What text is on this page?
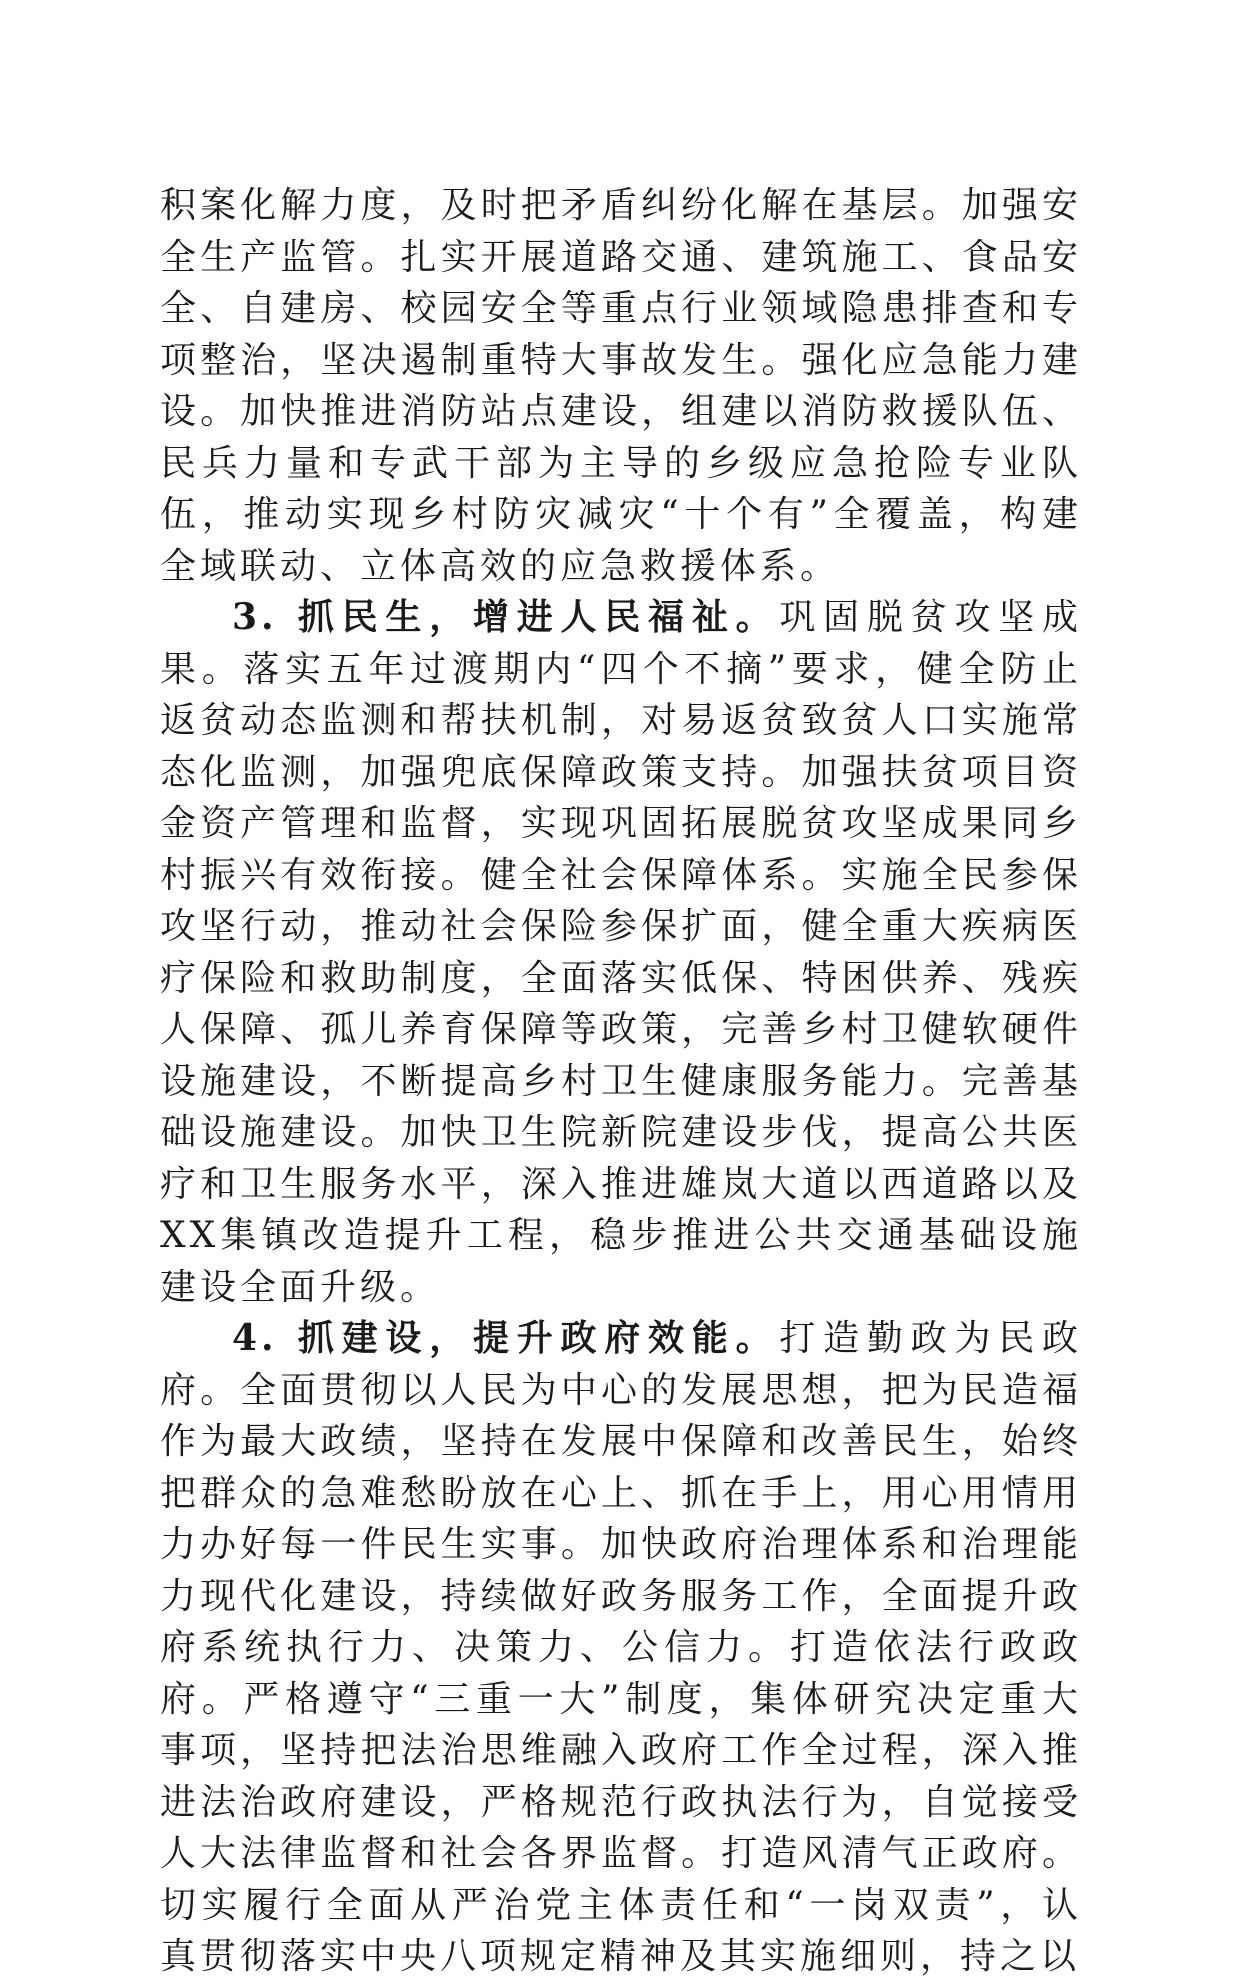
积案化解力度，及时把矛盾纠纷化解在基层。加强安全生产监管。扎实开展道路交通、建筑施工、食品安全、自建房、校园安全等重点行业领域隐患排查和专项整治，坚决遏制重特大事故发生。强化应急能力建设。加快推进消防站点建设，组建以消防救援队伍、民兵力量和专武干部为主导的乡级应急抢险专业队伍，推动实现乡村防灾减灾“十个有”全覆盖，构建全域联动、立体高效的应急救援体系。

3. 抓民生，增进人民福祉。巩固脱贫攻坚成果。落实五年过渡期内“四个不摘”要求，健全防止返贫动态监测和帮扶机制，对易返贫致贫人口实施常态化监测，加强兜底保障政策支持。加强扶贫项目资金资产管理和监督，实现巩固拓展脱贫攻坚成果同乡村振兴有效衔接。健全社会保障体系。实施全民参保攻坚行动，推动社会保险参保扩面，健全重大疾病医疗保险和救助制度，全面落实低保、特困供养、残疾人保障、孤儿养育保障等政策，完善乡村卫健软硬件设施建设，不断提高乡村卫生健康服务能力。完善基础设施建设。加快卫生院新院建设步伐，提高公共医疗和卫生服务水平，深入推进雄岚大道以西道路以及XX集镇改造提升工程，稳步推进公共交通基础设施建设全面升级。

4. 抓建设，提升政府效能。打造勤政为民政府。全面贯彻以人民为中心的发展思想，把为民造福作为最大政绩，坚持在发展中保障和改善民生，始终把群众的急难愁盼放在心上、抓在手上，用心用情用力办好每一件民生实事。加快政府治理体系和治理能力现代化建设，持续做好政务服务工作，全面提升政府系统执行力、决策力、公信力。打造依法行政政府。严格遵守“三重一大”制度，集体研究决定重大事项，坚持把法治思维融入政府工作全过程，深入推进法治政府建设，严格规范行政执法行为，自觉接受人大法律监督和社会各界监督。打造风清气正政府。切实履行全面从严治党主体责任和“一岗双责”，认真贯彻落实中央八项规定精神及其实施细则，持之以
